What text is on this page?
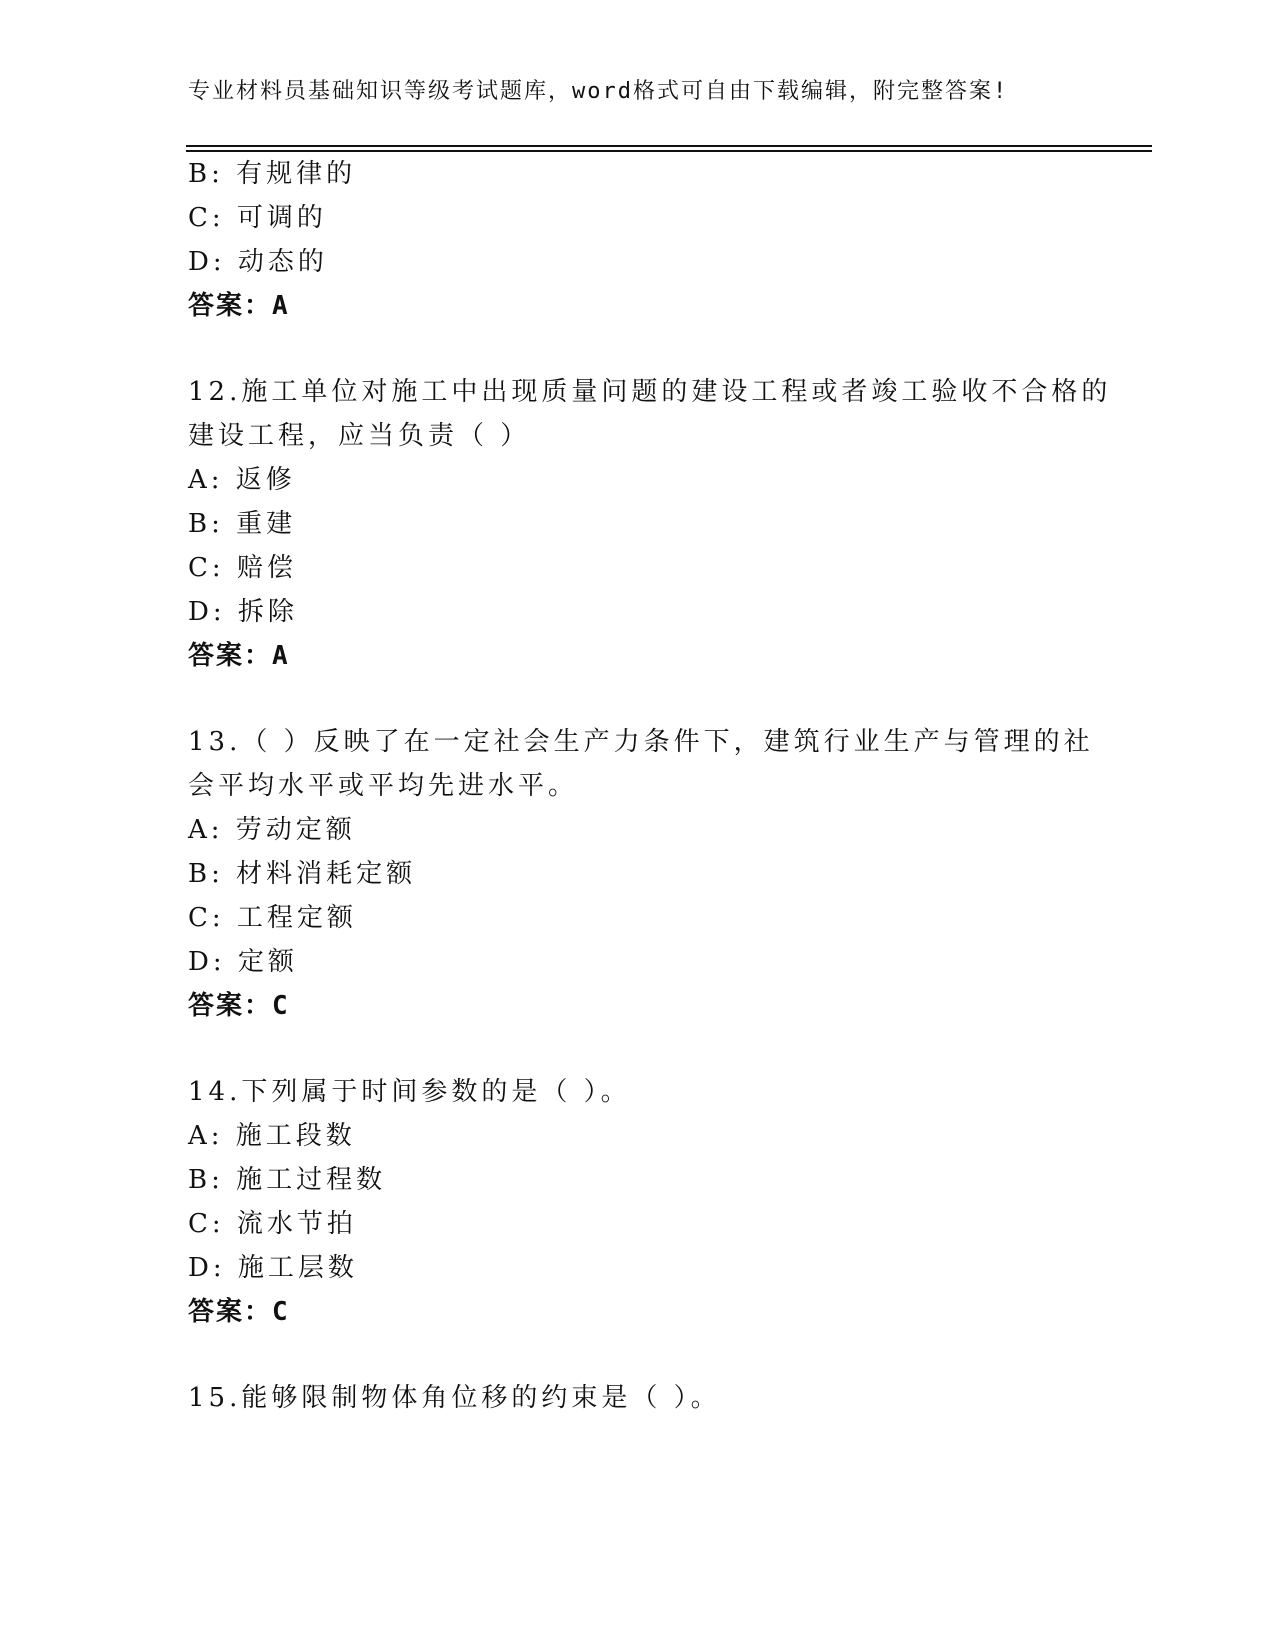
专业材料员基础知识等级考试题库，word格式可自由下载编辑，附完整答案!
B: 有规律的
C: 可调的
D: 动态的
答案：A
12.施工单位对施工中出现质量问题的建设工程或者竣工验收不合格的
建设工程，应当负责（ ）
A: 返修
B: 重建
C: 赔偿
D: 拆除
答案：A
13.（ ）反映了在一定社会生产力条件下，建筑行业生产与管理的社
会平均水平或平均先进水平。
A: 劳动定额
B: 材料消耗定额
C: 工程定额
D: 定额
答案：C
14.下列属于时间参数的是（ ）。
A: 施工段数
B: 施工过程数
C: 流水节拍
D: 施工层数
答案：C
15.能够限制物体角位移的约束是（ ）。
